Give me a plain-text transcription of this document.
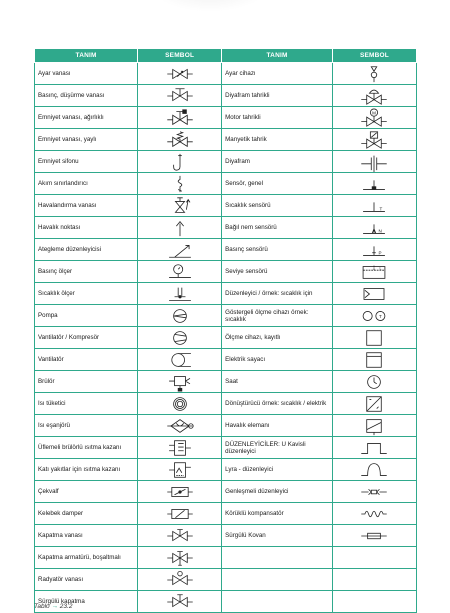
TANIM	SEMBOL	TANIM	SEMBOL
Ayar vanası		Ayar cihazı	

Basınç, düşürme vanası		Diyafram tahrikli	

Emniyet vanası, ağırlıklı		Motor tahrikli	M

Emniyet vanası, yaylı		Manyetik tahrik	

Emniyet sifonu		Diyafram	

Akım sınırlandırıcı		Sensör, genel	

Havalandırma vanası		Sıcaklık sensörü	T

Havalık noktası		Bağıl nem sensörü	N

Ategleme düzenleyicisi		Basınç sensörü	P

Basınç ölçer		Seviye sensörü	L

Sıcaklık ölçer		Düzenleyici / örnek: sıcaklık için	

Pompa		Göstergeli ölçme cihazı örnek: sıcaklık	T

Vantilatör / Kompresör		Ölçme cihazı, kayıtlı	

Vantilatör		Elektrik sayacı	

Brülör		Saat	

Isı tüketici		Dönüştürücü örnek: sıcaklık / elektrik	

Isı eşanjörü		Havalık elemanı	

Üflemeli brülörlü ısıtma kazanı		DÜZENLEYİCİLER: U Kavisli düzenleyici	

Katı yakıtlar için ısıtma kazanı		Lyra - düzenleyici	

Çekvalf		Genleşmeli düzenleyici	

Kelebek damper		Körüklü kompansatör	

Kapatma vanası		Sürgülü Kovan	

Kapatma armatürü, boşaltmalı	

Radyatör vanası	

Sürgülü kapatma	

Tablo → 23.2
